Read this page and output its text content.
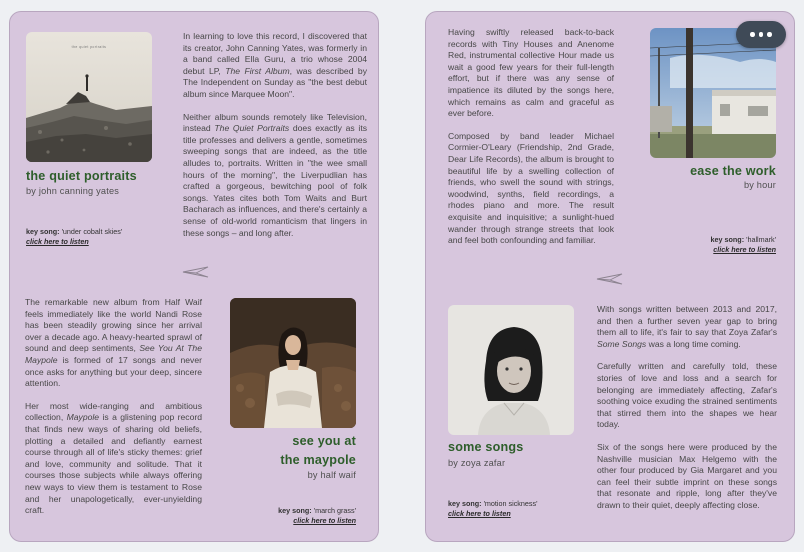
the quiet portraits
the quiet portraits
by john canning yates
key song: 'under cobalt skies'
click here to listen

In learning to love this record, I discovered that its creator, John Canning Yates, was formerly in a band called Ella Guru, a trio whose 2004 debut LP, The First Album, was described by The Independent on Sunday as "the best debut album since Marquee Moon".

Neither album sounds remotely like Television, instead The Quiet Portraits does exactly as its title professes and delivers a gentle, sometimes sweeping songs that are indeed, as the title alludes to, portraits. Written in "the wee small hours of the morning", the Liverpudlian has crafted a gorgeous, bewitching pool of folk songs. Yates cites both Tom Waits and Burt Bacharach as influences, and there's certainly a sense of old-world romanticism that lingers in these songs – and long after.

The remarkable new album from Half Waif feels immediately like the world Nandi Rose has been steadily growing since her arrival over a decade ago. A heavy-hearted sprawl of sound and deep sentiments, See You At The Maypole is formed of 17 songs and never once asks for anything but your deep, sincere attention.

Her most wide-ranging and ambitious collection, Maypole is a glistening pop record that finds new ways of sharing old beliefs, plotting a detailed and defiantly earnest course through all of life's sticky themes: grief and love, community and solitude. That it courses those subjects while always offering new ways to view them is testament to Rose and her unapologetically, ever-unyielding craft.

see you at
the maypole
by half waif
key song: 'march grass'
click here to listen

Having swiftly released back-to-back records with Tiny Houses and Anenome Red, instrumental collective Hour made us wait a good few years for their full-length effort, but if there was any sense of impatience its diluted by the songs here, which remains as calm and graceful as ever before.

Composed by band leader Michael Cormier-O'Leary (Friendship, 2nd Grade, Dear Life Records), the album is brought to beautiful life by a swelling collection of friends, who swell the sound with strings, woodwind, synths, field recordings, a rhodes piano and more. The result exquisite and inquisitive; a sunlight-hued wander through strange streets that look and feel both confounding and familiar.

ease the work
by hour
key song: 'hallmark'
click here to listen
some songs
by zoya zafar
key song: 'motion sickness'
click here to listen

With songs written between 2013 and 2017, and then a further seven year gap to bring them all to life, it's fair to say that Zoya Zafar's Some Songs was a long time coming.

Carefully written and carefully told, these stories of love and loss and a search for belonging are immediately affecting, Zafar's soothing voice exuding the strained sentiments that stirred them into the shapes we hear today.

Six of the songs here were produced by the Nashville musician Max Helgemo with the other four produced by Gia Margaret and you can feel their subtle imprint on these songs that resonate and ripple, long after they've drawn to their quiet, deeply affecting close.
